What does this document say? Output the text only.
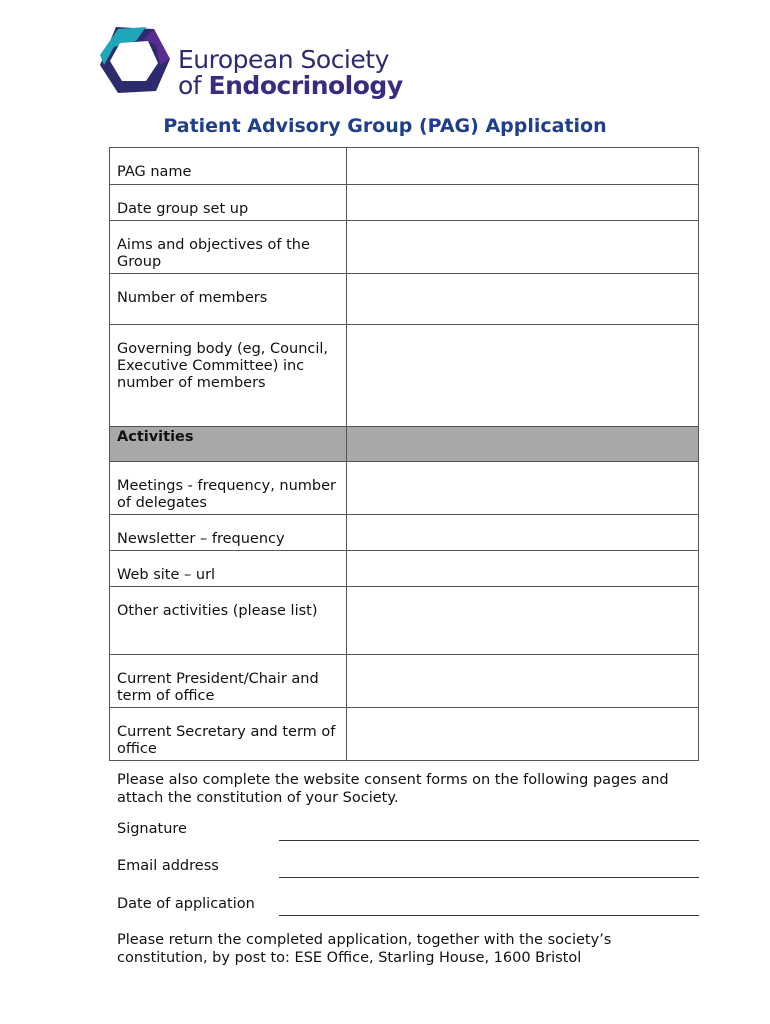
European Society
of Endocrinology
Patient Advisory Group (PAG) Application
PAG name	
Date group set up	
Aims and objectives of the Group	
Number of members	
Governing body (eg, Council, Executive Committee) inc number of members	
Activities	
Meetings - frequency, number of delegates	
Newsletter – frequency	
Web site – url	
Other activities (please list)	
Current President/Chair and term of office	
Current Secretary and term of office	
Please also complete the website consent forms on the following pages and attach the constitution of your Society.
Signature
Email address
Date of application
Please return the completed application, together with the society’s constitution, by post to: ESE Office, Starling House, 1600 Bristol
